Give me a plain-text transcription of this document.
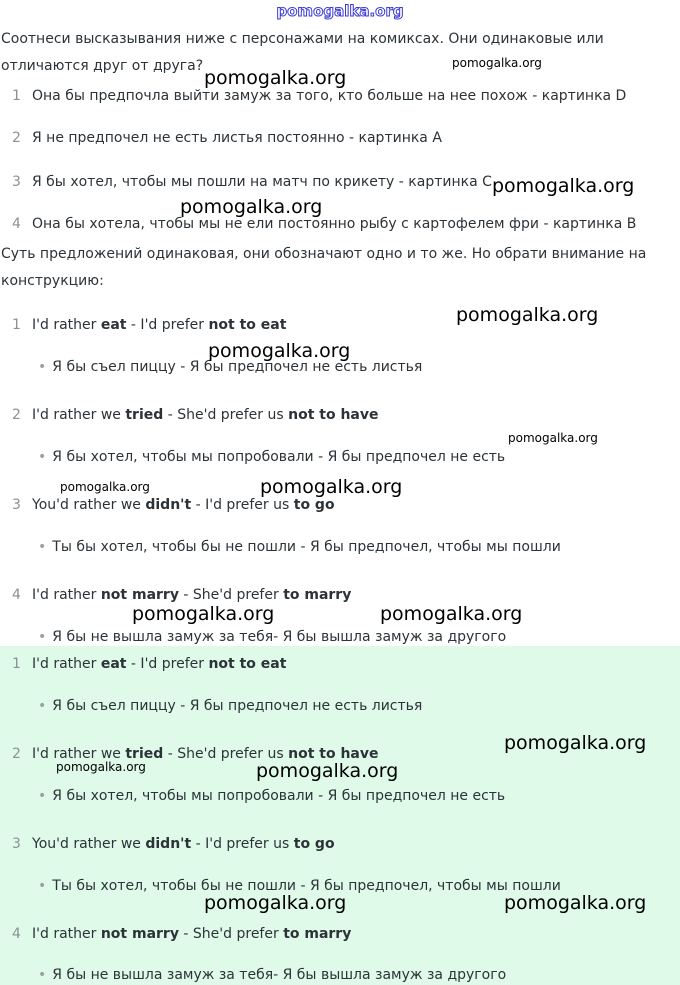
pomogalka.org
Соотнеси высказывания ниже с персонажами на комиксах. Они одинаковые или отличаются друг от друга?
1 Она бы предпочла выйти замуж за того, кто больше на нее похож - картинка D
2 Я не предпочел не есть листья постоянно - картинка A
3 Я бы хотел, чтобы мы пошли на матч по крикету - картинка C
4 Она бы хотела, чтобы мы не ели постоянно рыбу с картофелем фри - картинка B
Суть предложений одинаковая, они обозначают одно и то же. Но обрати внимание на конструкцию:
1 I'd rather eat - I'd prefer not to eat
• Я бы съел пиццу - Я бы предпочел не есть листья
2 I'd rather we tried - She'd prefer us not to have
• Я бы хотел, чтобы мы попробовали - Я бы предпочел не есть
3 You'd rather we didn't - I'd prefer us to go
• Ты бы хотел, чтобы бы не пошли - Я бы предпочел, чтобы мы пошли
4 I'd rather not marry - She'd prefer to marry
• Я бы не вышла замуж за тебя- Я бы вышла замуж за другого
1 I'd rather eat - I'd prefer not to eat
• Я бы съел пиццу - Я бы предпочел не есть листья
2 I'd rather we tried - She'd prefer us not to have
• Я бы хотел, чтобы мы попробовали - Я бы предпочел не есть
3 You'd rather we didn't - I'd prefer us to go
• Ты бы хотел, чтобы бы не пошли - Я бы предпочел, чтобы мы пошли
4 I'd rather not marry - She'd prefer to marry
• Я бы не вышла замуж за тебя- Я бы вышла замуж за другого
pomogalka.org
pomogalka.org
pomogalka.org
pomogalka.org
pomogalka.org
pomogalka.org
pomogalka.org
pomogalka.org	pomogalka.org
pomogalka.org	pomogalka.org
pomogalka.org
pomogalka.org	pomogalka.org
pomogalka.org	pomogalka.org
